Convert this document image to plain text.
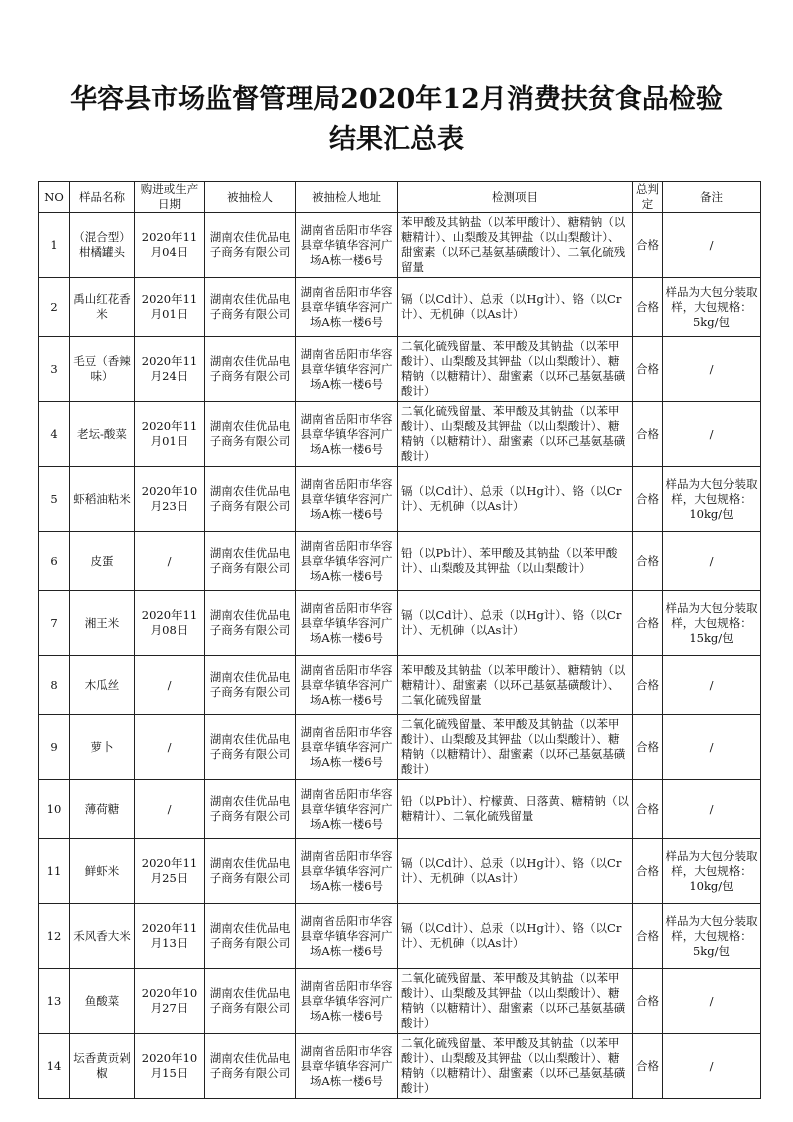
华容县市场监督管理局2020年12月消费扶贫食品检验
结果汇总表
NO	样品名称	购进或生产日期	被抽检人	被抽检人地址	检测项目	总判定	备注
1	（混合型）柑橘罐头	2020年11月04日	湖南农佳优品电子商务有限公司	湖南省岳阳市华容县章华镇华容河广场A栋一楼6号	苯甲酸及其钠盐（以苯甲酸计）、糖精钠（以糖精计）、山梨酸及其钾盐（以山梨酸计）、甜蜜素（以环己基氨基磺酸计）、二氧化硫残留量	合格	/
2	禹山红花香米	2020年11月01日	湖南农佳优品电子商务有限公司	湖南省岳阳市华容县章华镇华容河广场A栋一楼6号	镉（以Cd计）、总汞（以Hg计）、铬（以Cr计）、无机砷（以As计）	合格	样品为大包分装取样，大包规格：5kg/包
3	毛豆（香辣味）	2020年11月24日	湖南农佳优品电子商务有限公司	湖南省岳阳市华容县章华镇华容河广场A栋一楼6号	二氧化硫残留量、苯甲酸及其钠盐（以苯甲酸计）、山梨酸及其钾盐（以山梨酸计）、糖精钠（以糖精计）、甜蜜素（以环己基氨基磺酸计）	合格	/
4	老坛-酸菜	2020年11月01日	湖南农佳优品电子商务有限公司	湖南省岳阳市华容县章华镇华容河广场A栋一楼6号	二氧化硫残留量、苯甲酸及其钠盐（以苯甲酸计）、山梨酸及其钾盐（以山梨酸计）、糖精钠（以糖精计）、甜蜜素（以环己基氨基磺酸计）	合格	/
5	虾稻油粘米	2020年10月23日	湖南农佳优品电子商务有限公司	湖南省岳阳市华容县章华镇华容河广场A栋一楼6号	镉（以Cd计）、总汞（以Hg计）、铬（以Cr计）、无机砷（以As计）	合格	样品为大包分装取样，大包规格：10kg/包
6	皮蛋	/	湖南农佳优品电子商务有限公司	湖南省岳阳市华容县章华镇华容河广场A栋一楼6号	铅（以Pb计）、苯甲酸及其钠盐（以苯甲酸计）、山梨酸及其钾盐（以山梨酸计）	合格	/
7	湘王米	2020年11月08日	湖南农佳优品电子商务有限公司	湖南省岳阳市华容县章华镇华容河广场A栋一楼6号	镉（以Cd计）、总汞（以Hg计）、铬（以Cr计）、无机砷（以As计）	合格	样品为大包分装取样，大包规格：15kg/包
8	木瓜丝	/	湖南农佳优品电子商务有限公司	湖南省岳阳市华容县章华镇华容河广场A栋一楼6号	苯甲酸及其钠盐（以苯甲酸计）、糖精钠（以糖精计）、甜蜜素（以环己基氨基磺酸计）、二氧化硫残留量	合格	/
9	萝卜	/	湖南农佳优品电子商务有限公司	湖南省岳阳市华容县章华镇华容河广场A栋一楼6号	二氧化硫残留量、苯甲酸及其钠盐（以苯甲酸计）、山梨酸及其钾盐（以山梨酸计）、糖精钠（以糖精计）、甜蜜素（以环己基氨基磺酸计）	合格	/
10	薄荷糖	/	湖南农佳优品电子商务有限公司	湖南省岳阳市华容县章华镇华容河广场A栋一楼6号	铅（以Pb计）、柠檬黄、日落黄、糖精钠（以糖精计）、二氧化硫残留量	合格	/
11	鲜虾米	2020年11月25日	湖南农佳优品电子商务有限公司	湖南省岳阳市华容县章华镇华容河广场A栋一楼6号	镉（以Cd计）、总汞（以Hg计）、铬（以Cr计）、无机砷（以As计）	合格	样品为大包分装取样，大包规格：10kg/包
12	禾风香大米	2020年11月13日	湖南农佳优品电子商务有限公司	湖南省岳阳市华容县章华镇华容河广场A栋一楼6号	镉（以Cd计）、总汞（以Hg计）、铬（以Cr计）、无机砷（以As计）	合格	样品为大包分装取样，大包规格：5kg/包
13	鱼酸菜	2020年10月27日	湖南农佳优品电子商务有限公司	湖南省岳阳市华容县章华镇华容河广场A栋一楼6号	二氧化硫残留量、苯甲酸及其钠盐（以苯甲酸计）、山梨酸及其钾盐（以山梨酸计）、糖精钠（以糖精计）、甜蜜素（以环己基氨基磺酸计）	合格	/
14	坛香黄贡剁椒	2020年10月15日	湖南农佳优品电子商务有限公司	湖南省岳阳市华容县章华镇华容河广场A栋一楼6号	二氧化硫残留量、苯甲酸及其钠盐（以苯甲酸计）、山梨酸及其钾盐（以山梨酸计）、糖精钠（以糖精计）、甜蜜素（以环己基氨基磺酸计）	合格	/
